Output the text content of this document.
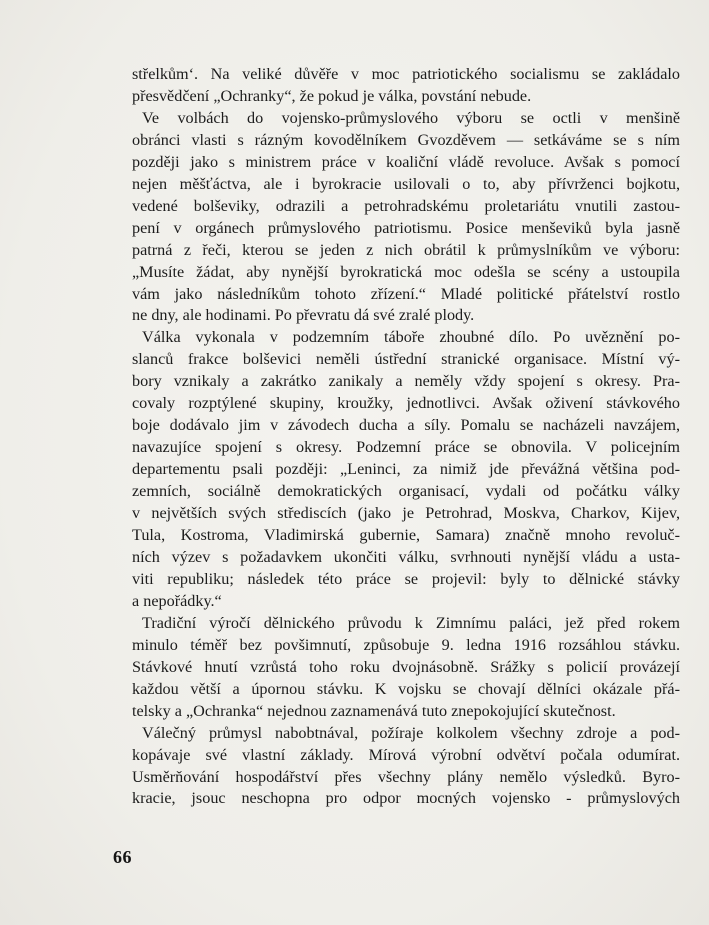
střelkům‘. Na veliké důvěře v moc patriotického socialismu se zakládalo
přesvědčení „Ochranky“, že pokud je válka, povstání nebude.
Ve volbách do vojensko-průmyslového výboru se octli v menšině
obránci vlasti s rázným kovodělníkem Gvozděvem — setkáváme se s ním
později jako s ministrem práce v koaliční vládě revoluce. Avšak s pomocí
nejen měšťáctva, ale i byrokracie usilovali o to, aby přívrženci bojkotu,
vedené bolševiky, odrazili a petrohradskému proletariátu vnutili zastou-
pení v orgánech průmyslového patriotismu. Posice menševiků byla jasně
patrná z řeči, kterou se jeden z nich obrátil k průmyslníkům ve výboru:
„Musíte žádat, aby nynější byrokratická moc odešla se scény a ustoupila
vám jako následníkům tohoto zřízení.“ Mladé politické přátelství rostlo
ne dny, ale hodinami. Po převratu dá své zralé plody.
Válka vykonala v podzemním táboře zhoubné dílo. Po uvěznění po-
slanců frakce bolševici neměli ústřední stranické organisace. Místní vý-
bory vznikaly a zakrátko zanikaly a neměly vždy spojení s okresy. Pra-
covaly rozptýlené skupiny, kroužky, jednotlivci. Avšak oživení stávkového
boje dodávalo jim v závodech ducha a síly. Pomalu se nacházeli navzájem,
navazujíce spojení s okresy. Podzemní práce se obnovila. V policejním
departementu psali později: „Leninci, za nimiž jde převážná většina pod-
zemních, sociálně demokratických organisací, vydali od počátku války
v největších svých střediscích (jako je Petrohrad, Moskva, Charkov, Kijev,
Tula, Kostroma, Vladimirská gubernie, Samara) značně mnoho revoluč-
ních výzev s požadavkem ukončiti válku, svrhnouti nynější vládu a usta-
viti republiku; následek této práce se projevil: byly to dělnické stávky
a nepořádky.“
Tradiční výročí dělnického průvodu k Zimnímu paláci, jež před rokem
minulo téměř bez povšimnutí, způsobuje 9. ledna 1916 rozsáhlou stávku.
Stávkové hnutí vzrůstá toho roku dvojnásobně. Srážky s policií provázejí
každou větší a úpornou stávku. K vojsku se chovají dělníci okázale přá-
telsky a „Ochranka“ nejednou zaznamenává tuto znepokojující skutečnost.
Válečný průmysl nabobtnával, požíraje kolkolem všechny zdroje a pod-
kopávaje své vlastní základy. Mírová výrobní odvětví počala odumírat.
Usměrňování hospodářství přes všechny plány nemělo výsledků. Byro-
kracie, jsouc neschopna pro odpor mocných vojensko - průmyslových
66
